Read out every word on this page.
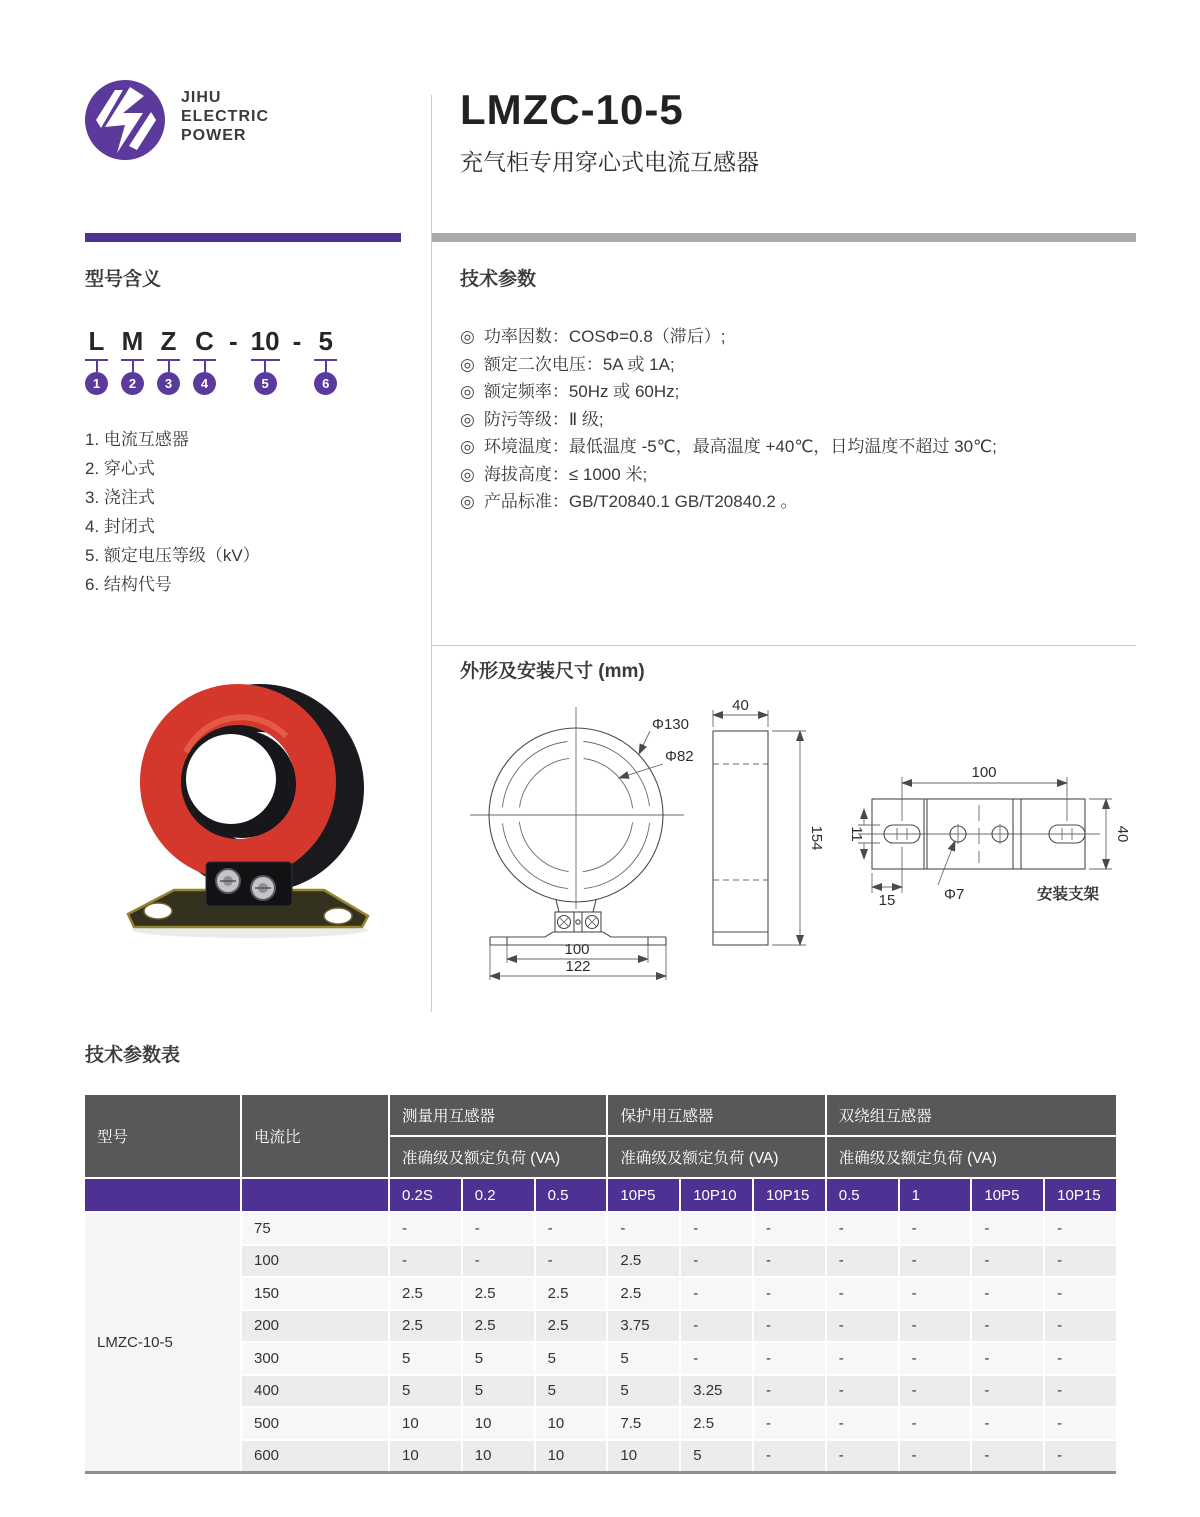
JIHU
ELECTRIC
POWER
LMZC-10-5
充气柜专用穿心式电流互感器
型号含义
L
1
M
2
Z
3
C
4
- 10
5
- 5
6
1. 电流互感器
2. 穿心式
3. 浇注式
4. 封闭式
5. 额定电压等级（kV）
6. 结构代号
技术参数
◎ 功率因数：COSΦ=0.8（滞后）;
◎ 额定二次电压：5A 或 1A;
◎ 额定频率：50Hz 或 60Hz;
◎ 防污等级：Ⅱ 级;
◎ 环境温度：最低温度 -5℃，最高温度 +40℃，日均温度不超过 30℃;
◎ 海拔高度：≤ 1000 米;
◎ 产品标准：GB/T20840.1 GB/T20840.2 。
外形及安装尺寸 (mm)
Φ130
Φ82
100
122
40
154
100
40
11
15	Φ7	安装支架
技术参数表
型号	电流比	测量用互感器			保护用互感器			双绕组互感器			
		准确级及额定负荷 (VA)			准确级及额定负荷 (VA)			准确级及额定负荷 (VA)			
		0.2S	0.2	0.5	10P5	10P10	10P15	0.5	1	10P5	10P15
LMZC-10-5	75	-	-	-	-	-	-	-	-	-	-
	100	-	-	-	2.5	-	-	-	-	-	-
	150	2.5	2.5	2.5	2.5	-	-	-	-	-	-
	200	2.5	2.5	2.5	3.75	-	-	-	-	-	-
	300	5	5	5	5	-	-	-	-	-	-
	400	5	5	5	5	3.25	-	-	-	-	-
	500	10	10	10	7.5	2.5	-	-	-	-	-
	600	10	10	10	10	5	-	-	-	-	-
